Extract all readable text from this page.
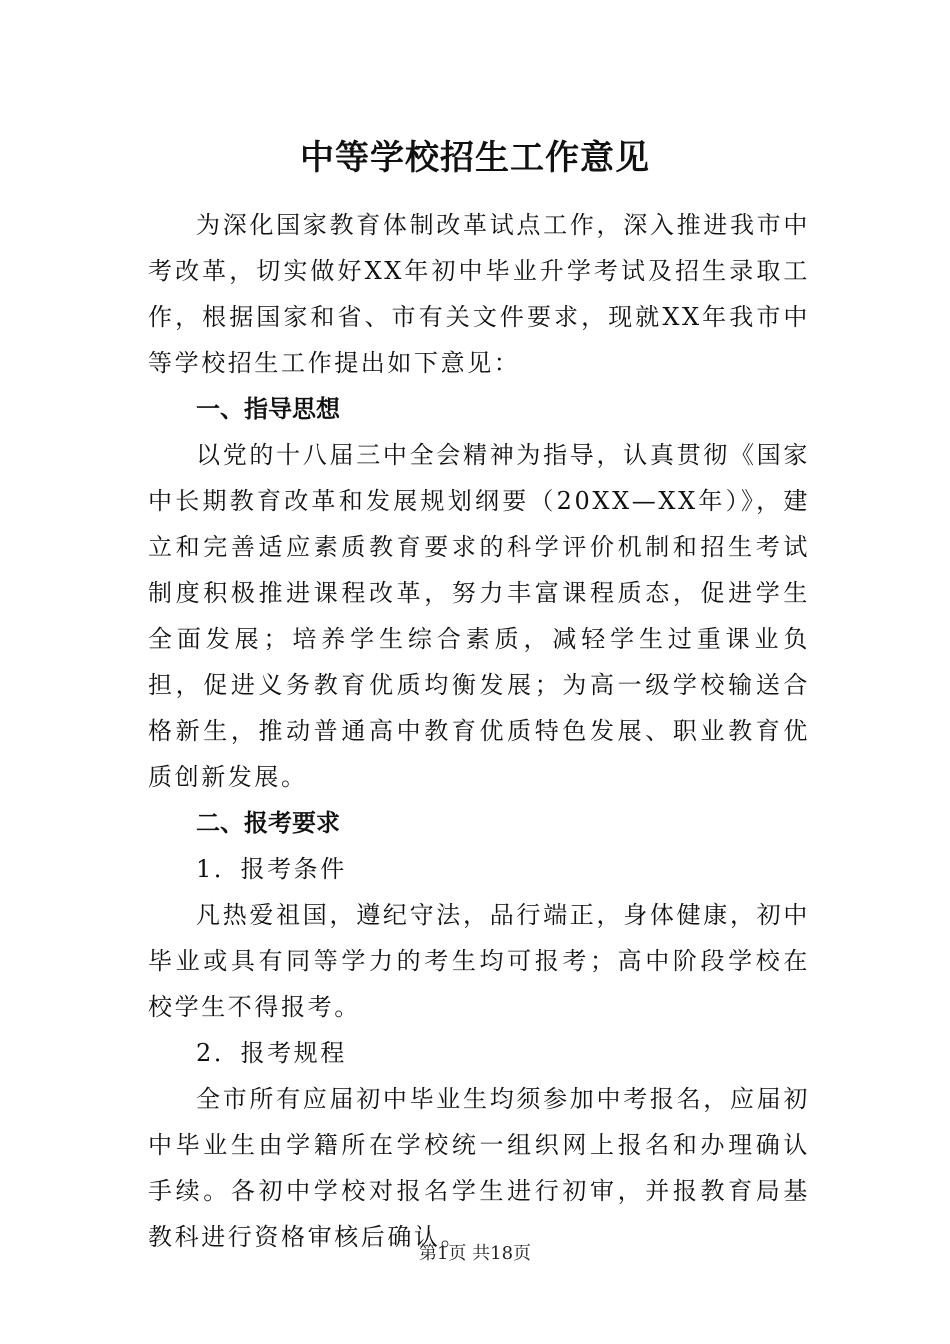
中等学校招生工作意见

为深化国家教育体制改革试点工作，深入推进我市中考改革，切实做好XX年初中毕业升学考试及招生录取工作，根据国家和省、市有关文件要求，现就XX年我市中等学校招生工作提出如下意见：

一、指导思想

以党的十八届三中全会精神为指导，认真贯彻《国家中长期教育改革和发展规划纲要（20XX—XX年）》，建立和完善适应素质教育要求的科学评价机制和招生考试制度积极推进课程改革，努力丰富课程质态，促进学生全面发展；培养学生综合素质，减轻学生过重课业负担，促进义务教育优质均衡发展；为高一级学校输送合格新生，推动普通高中教育优质特色发展、职业教育优质创新发展。

二、报考要求

1．报考条件

凡热爱祖国，遵纪守法，品行端正，身体健康，初中毕业或具有同等学力的考生均可报考；高中阶段学校在校学生不得报考。

2．报考规程

全市所有应届初中毕业生均须参加中考报名，应届初中毕业生由学籍所在学校统一组织网上报名和办理确认手续。各初中学校对报名学生进行初审，并报教育局基教科进行资格审核后确认。

第1页 共18页
